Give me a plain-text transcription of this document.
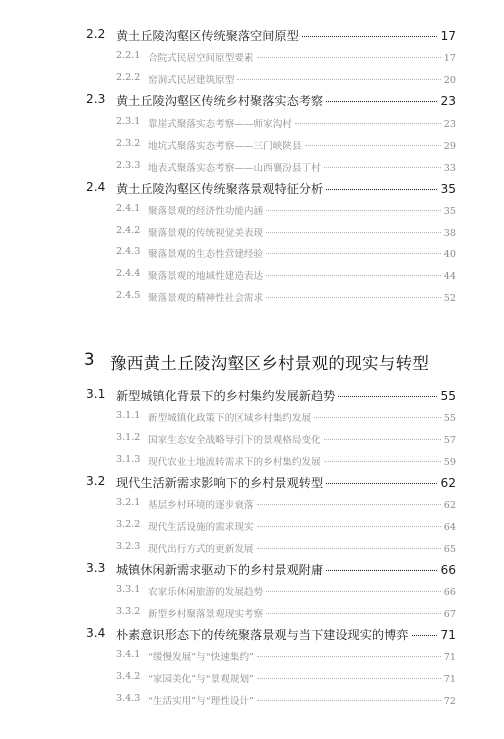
2.2 黄土丘陵沟壑区传统聚落空间原型	17
2.2.1 合院式民居空间原型要素	17
2.2.2 窑洞式民居建筑原型	20
2.3 黄土丘陵沟壑区传统乡村聚落实态考察	23
2.3.1 靠崖式聚落实态考察——师家沟村	23
2.3.2 地坑式聚落实态考察——三门峡陕县	29
2.3.3 地表式聚落实态考察——山西襄汾县丁村	33
2.4 黄土丘陵沟壑区传统聚落景观特征分析	35
2.4.1 聚落景观的经济性功能内涵	35
2.4.2 聚落景观的传统视觉美表现	38
2.4.3 聚落景观的生态性营建经验	40
2.4.4 聚落景观的地域性建造表达	44
2.4.5 聚落景观的精神性社会需求	52
3 豫西黄土丘陵沟壑区乡村景观的现实与转型
3.1 新型城镇化背景下的乡村集约发展新趋势	55
3.1.1 新型城镇化政策下的区域乡村集约发展	55
3.1.2 国家生态安全战略导引下的景观格局变化	57
3.1.3 现代农业土地流转需求下的乡村集约发展	59
3.2 现代生活新需求影响下的乡村景观转型	62
3.2.1 基层乡村环境的逐步衰落	62
3.2.2 现代生活设施的需求现实	64
3.2.3 现代出行方式的更新发展	65
3.3 城镇休闲新需求驱动下的乡村景观附庸	66
3.3.1 农家乐休闲旅游的发展趋势	66
3.3.2 新型乡村聚落景观现实考察	67
3.4 朴素意识形态下的传统聚落景观与当下建设现实的博弈	71
3.4.1 “缓慢发展”与“快速集约”	71
3.4.2 “家园美化”与“景观规划”	71
3.4.3 “生活实用”与“理性设计”	72
